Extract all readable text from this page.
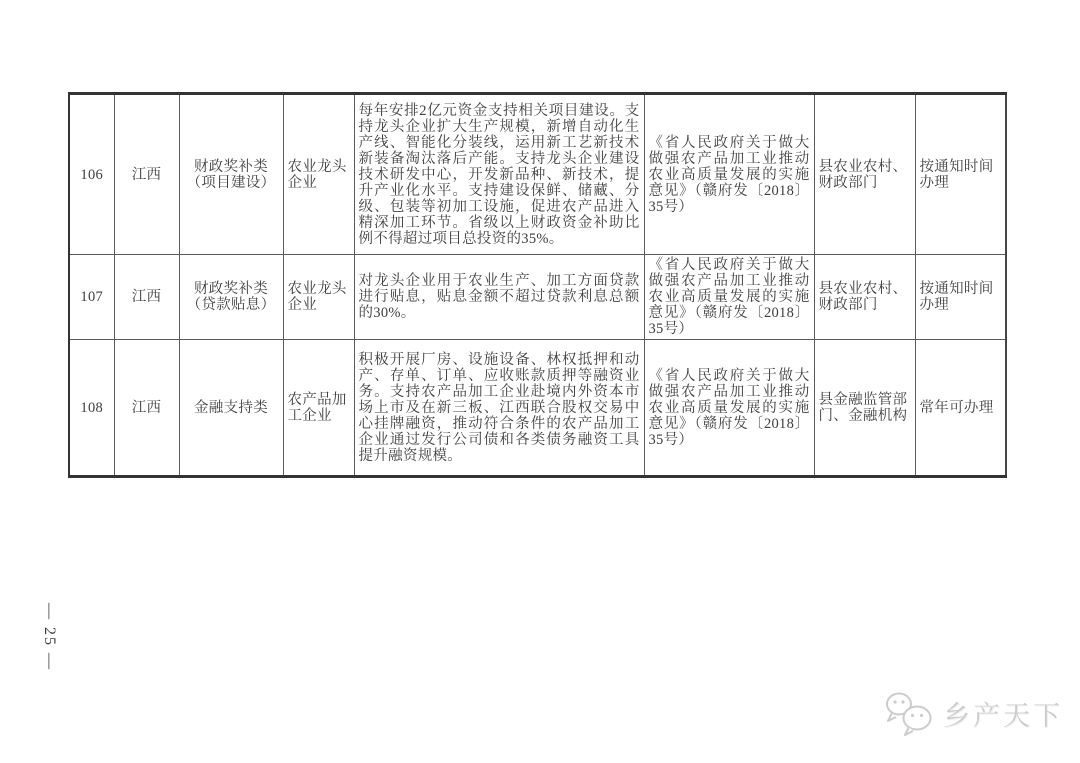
106	江西	财政奖补类（项目建设）	农业龙头企业	每年安排2亿元资金支持相关项目建设。支持龙头企业扩大生产规模，新增自动化生产线、智能化分装线，运用新工艺新技术新装备淘汰落后产能。支持龙头企业建设技术研发中心，开发新品种、新技术，提升产业化水平。支持建设保鲜、储藏、分级、包装等初加工设施，促进农产品进入精深加工环节。省级以上财政资金补助比例不得超过项目总投资的35%。	《省人民政府关于做大做强农产品加工业推动农业高质量发展的实施意见》（赣府发〔2018〕35号）	县农业农村、财政部门	按通知时间办理
107	江西	财政奖补类（贷款贴息）	农业龙头企业	对龙头企业用于农业生产、加工方面贷款进行贴息，贴息金额不超过贷款利息总额的30%。	《省人民政府关于做大做强农产品加工业推动农业高质量发展的实施意见》（赣府发〔2018〕35号）	县农业农村、财政部门	按通知时间办理
108	江西	金融支持类	农产品加工企业	积极开展厂房、设施设备、林权抵押和动产、存单、订单、应收账款质押等融资业务。支持农产品加工企业赴境内外资本市场上市及在新三板、江西联合股权交易中心挂牌融资，推动符合条件的农产品加工企业通过发行公司债和各类债务融资工具提升融资规模。	《省人民政府关于做大做强农产品加工业推动农业高质量发展的实施意见》（赣府发〔2018〕35号）	县金融监管部门、金融机构	常年可办理
— 25 —
乡产天下
